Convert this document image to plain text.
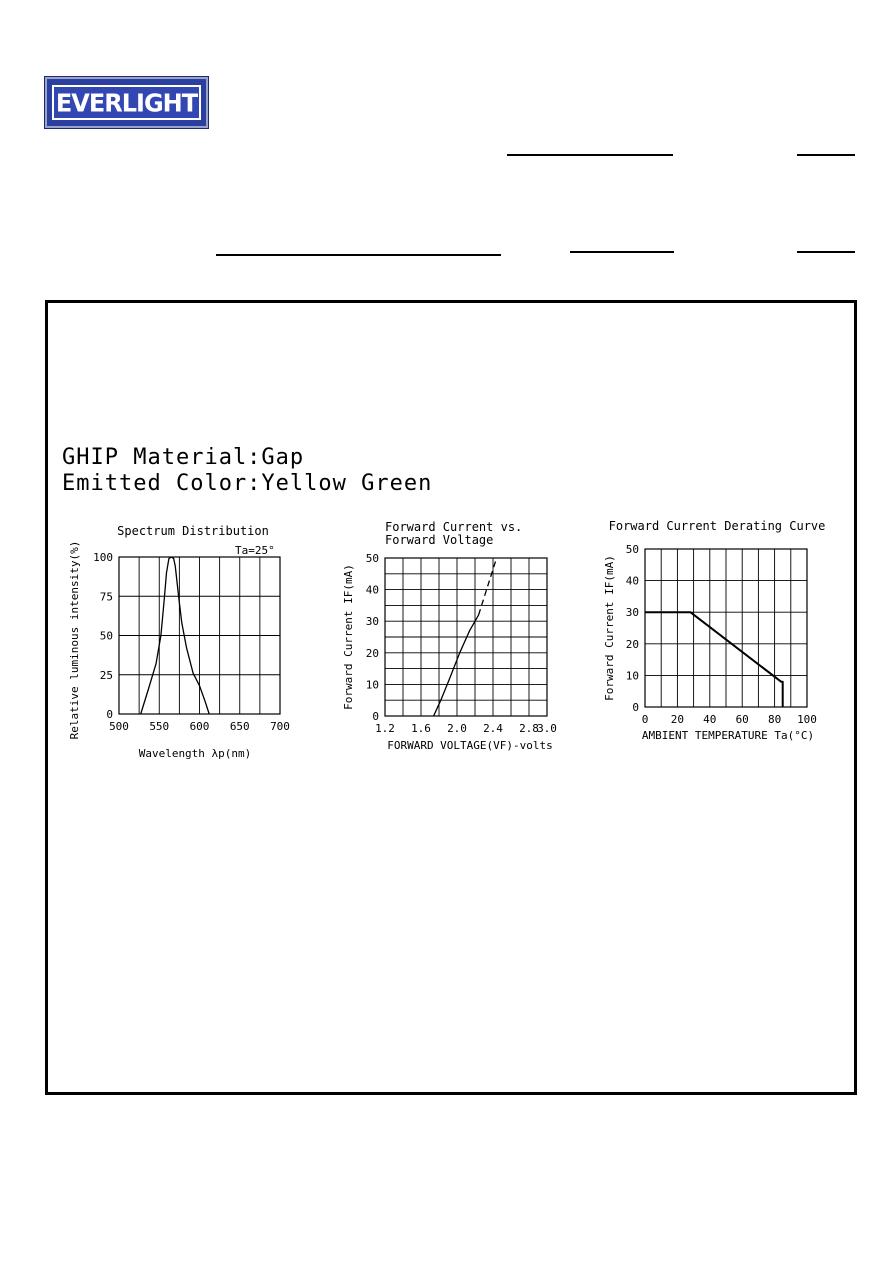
EVERLIGHT
GHIP Material:Gap
Emitted Color:Yellow Green
500 550 600 650 700
0
25
50
75
100
Spectrum Distribution
Wavelength λp(nm)
Relative luminous intensity(%)	Ta=25°
1.2 1.6 2.0 2.4 2.8
3.0
0
10
20
30
40
50
Forward Current vs.
Forward Voltage
FORWARD VOLTAGE(VF)-volts
Forward Current IF(mA)
0 20 40 60 80 100
0
10
20
30
40
50
Forward Current Derating Curve
AMBIENT TEMPERATURE Ta(°C)
Forward Current IF(mA)
